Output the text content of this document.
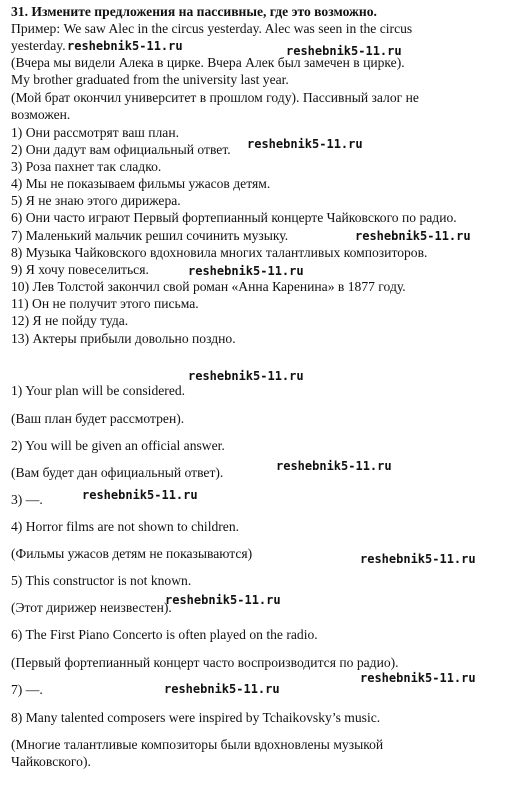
31. Измените предложения на пассивные, где это возможно.
Пример: We saw Alec in the circus yesterday. Alec was seen in the circus
yesterday.
(Вчера мы видели Алека в цирке. Вчера Алек был замечен в цирке).
My brother graduated from the university last year.
(Мой брат окончил университет в прошлом году). Пассивный залог не
возможен.
1) Они рассмотрят ваш план.
2) Они дадут вам официальный ответ.
3) Роза пахнет так сладко.
4) Мы не показываем фильмы ужасов детям.
5) Я не знаю этого дирижера.
6) Они часто играют Первый фортепианный концерте Чайковского по радио.
7) Маленький мальчик решил сочинить музыку.
8) Музыка Чайковского вдохновила многих талантливых композиторов.
9) Я хочу повеселиться.
10) Лев Толстой закончил свой роман «Анна Каренина» в 1877 году.
11) Он не получит этого письма.
12) Я не пойду туда.
13) Актеры прибыли довольно поздно.
1) Your plan will be considered.
(Ваш план будет рассмотрен).
2) You will be given an official answer.
(Вам будет дан официальный ответ).
3) —.
4) Horror films are not shown to children.
(Фильмы ужасов детям не показываются)
5) This constructor is not known.
(Этот дирижер неизвестен).
6) The First Piano Concerto is often played on the radio.
(Первый фортепианный концерт часто воспроизводится по радио).
7) —.
8) Many talented composers were inspired by Tchaikovsky’s music.
(Многие талантливые композиторы были вдохновлены музыкой
Чайковского).
reshebnik5-11.ru	reshebnik5-11.ru
reshebnik5-11.ru
reshebnik5-11.ru
reshebnik5-11.ru
reshebnik5-11.ru
reshebnik5-11.ru
reshebnik5-11.ru
reshebnik5-11.ru
reshebnik5-11.ru
reshebnik5-11.ru
reshebnik5-11.ru
